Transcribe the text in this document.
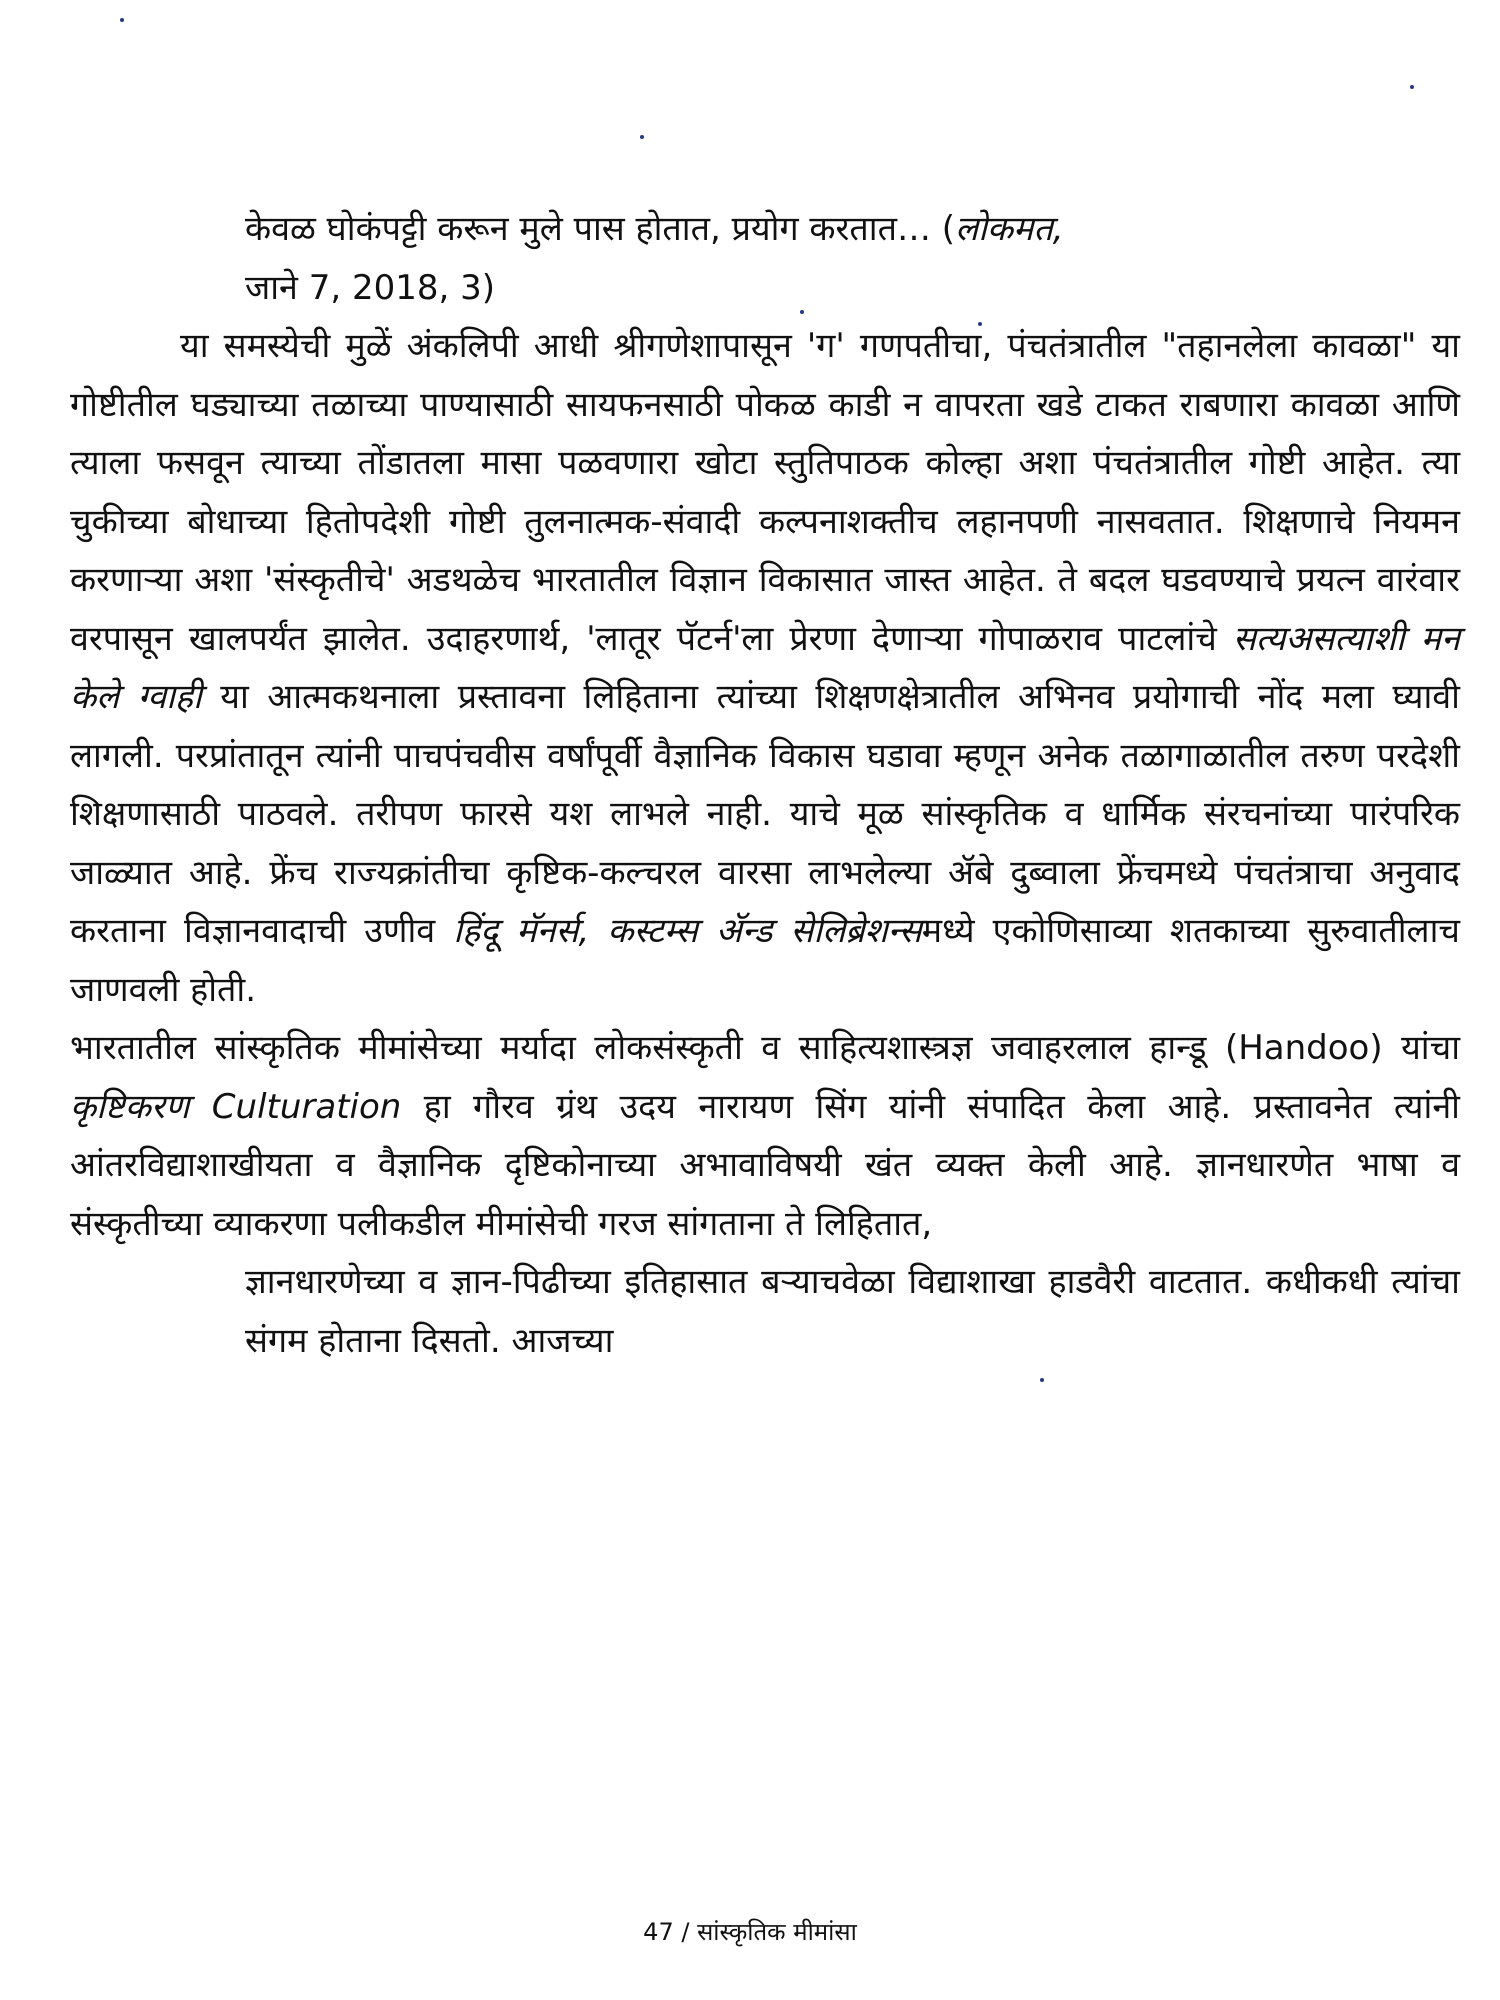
केवळ घोकंपट्टी करून मुले पास होतात, प्रयोग करतात… (लोकमत,
जाने 7, 2018, 3)

या समस्येची मुळें अंकलिपी आधी श्रीगणेशापासून 'ग' गणपतीचा, पंचतंत्रातील "तहानलेला कावळा" या गोष्टीतील घड्याच्या तळाच्या पाण्यासाठी सायफनसाठी पोकळ काडी न वापरता खडे टाकत राबणारा कावळा आणि त्याला फसवून त्याच्या तोंडातला मासा पळवणारा खोटा स्तुतिपाठक कोल्हा अशा पंचतंत्रातील गोष्टी आहेत. त्या चुकीच्या बोधाच्या हितोपदेशी गोष्टी तुलनात्मक-संवादी कल्पनाशक्तीच लहानपणी नासवतात. शिक्षणाचे नियमन करणाऱ्या अशा 'संस्कृतीचे' अडथळेच भारतातील विज्ञान विकासात जास्त आहेत. ते बदल घडवण्याचे प्रयत्न वारंवार वरपासून खालपर्यंत झालेत. उदाहरणार्थ, 'लातूर पॅटर्न'ला प्रेरणा देणाऱ्या गोपाळराव पाटलांचे सत्यअसत्याशी मन केले ग्वाही या आत्मकथनाला प्रस्तावना लिहिताना त्यांच्या शिक्षणक्षेत्रातील अभिनव प्रयोगाची नोंद मला घ्यावी लागली. परप्रांतातून त्यांनी पाचपंचवीस वर्षांपूर्वी वैज्ञानिक विकास घडावा म्हणून अनेक तळागाळातील तरुण परदेशी शिक्षणासाठी पाठवले. तरीपण फारसे यश लाभले नाही. याचे मूळ सांस्कृतिक व धार्मिक संरचनांच्या पारंपरिक जाळ्यात आहे. फ्रेंच राज्यक्रांतीचा कृष्टिक-कल्चरल वारसा लाभलेल्या ॲबे दुब्वाला फ्रेंचमध्ये पंचतंत्राचा अनुवाद करताना विज्ञानवादाची उणीव हिंदू मॅनर्स, कस्टम्स ॲन्ड सेलिब्रेशन्समध्ये एकोणिसाव्या शतकाच्या सुरुवातीलाच जाणवली होती.

भारतातील सांस्कृतिक मीमांसेच्या मर्यादा लोकसंस्कृती व साहित्यशास्त्रज्ञ जवाहरलाल हान्डू (Handoo) यांचा कृष्टिकरण Culturation हा गौरव ग्रंथ उदय नारायण सिंग यांनी संपादित केला आहे. प्रस्तावनेत त्यांनी आंतरविद्याशाखीयता व वैज्ञानिक दृष्टिकोनाच्या अभावाविषयी खंत व्यक्त केली आहे. ज्ञानधारणेत भाषा व संस्कृतीच्या व्याकरणा पलीकडील मीमांसेची गरज सांगताना ते लिहितात,

ज्ञानधारणेच्या व ज्ञान-पिढीच्या इतिहासात बऱ्याचवेळा विद्याशाखा हाडवैरी वाटतात. कधीकधी त्यांचा संगम होताना दिसतो. आजच्या

47 / सांस्कृतिक मीमांसा
